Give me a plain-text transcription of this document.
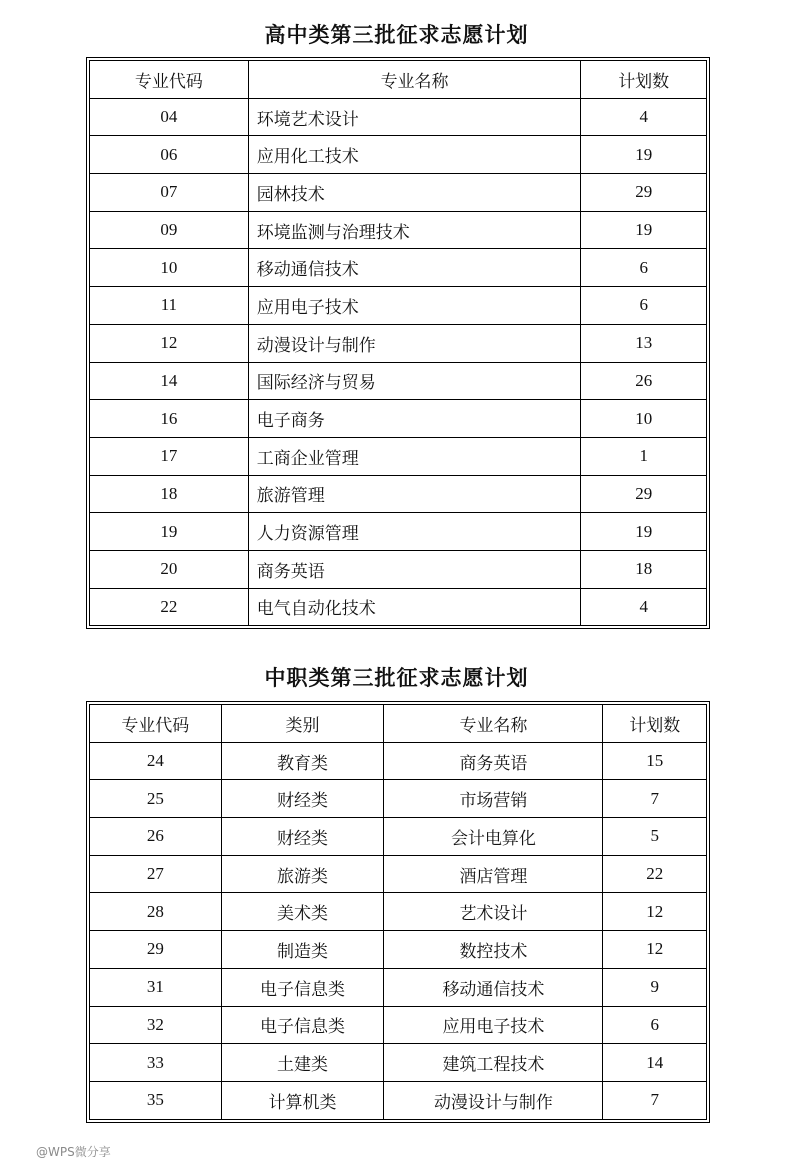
高中类第三批征求志愿计划
专业代码	专业名称	计划数
04	环境艺术设计	4
06	应用化工技术	19
07	园林技术	29
09	环境监测与治理技术	19
10	移动通信技术	6
11	应用电子技术	6
12	动漫设计与制作	13
14	国际经济与贸易	26
16	电子商务	10
17	工商企业管理	1
18	旅游管理	29
19	人力资源管理	19
20	商务英语	18
22	电气自动化技术	4
中职类第三批征求志愿计划
专业代码	类别	专业名称	计划数
24	教育类	商务英语	15
25	财经类	市场营销	7
26	财经类	会计电算化	5
27	旅游类	酒店管理	22
28	美术类	艺术设计	12
29	制造类	数控技术	12
31	电子信息类	移动通信技术	9
32	电子信息类	应用电子技术	6
33	土建类	建筑工程技术	14
35	计算机类	动漫设计与制作	7
@WPS微分享
